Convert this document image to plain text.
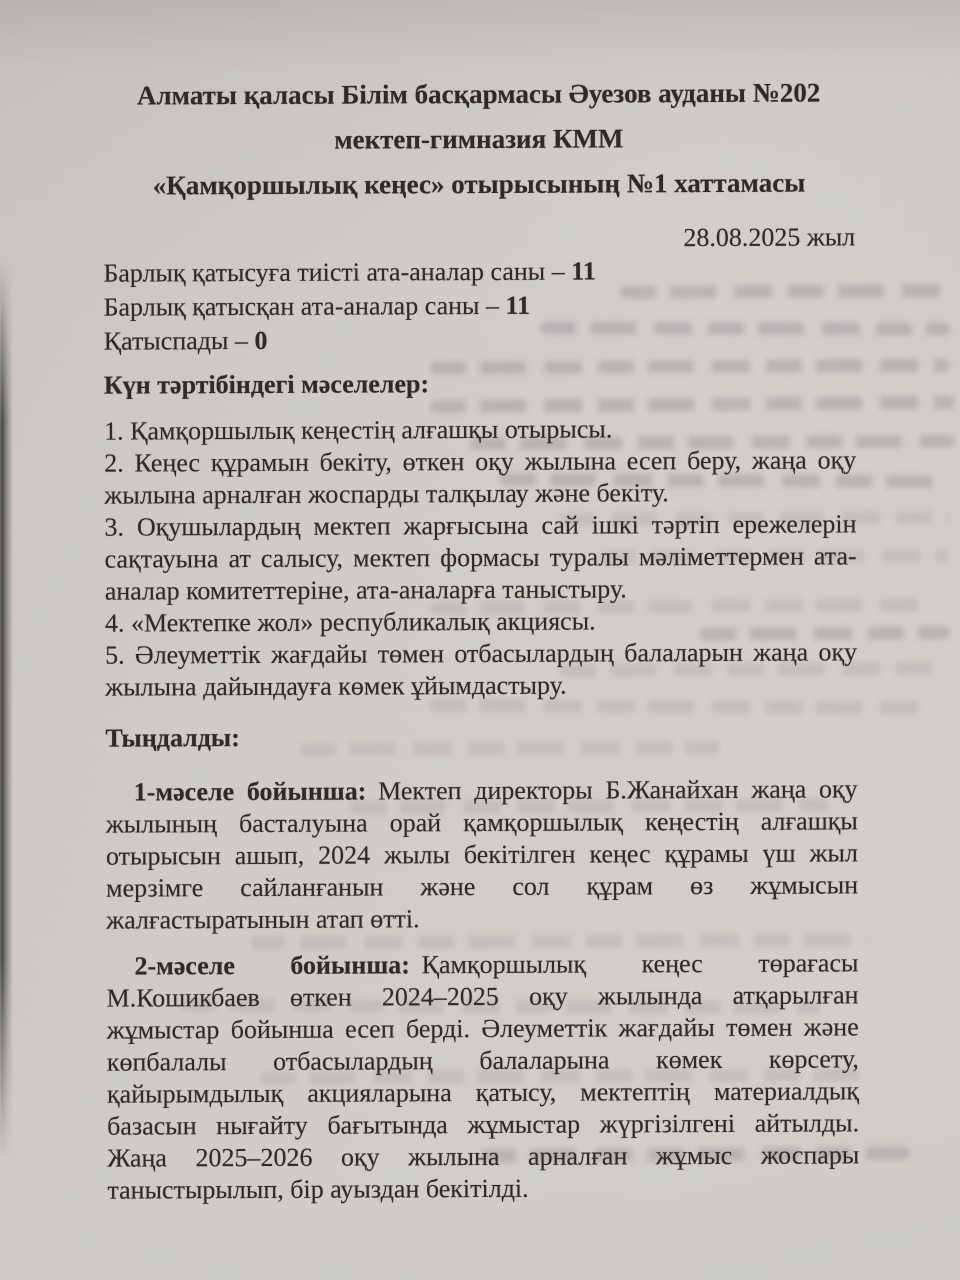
Алматы қаласы Білім басқармасы Әуезов ауданы №202 мектеп-гимназия КММ
«Қамқоршылық кеңес» отырысының №1 хаттамасы
28.08.2025 жыл
Барлық қатысуға тиісті ата-аналар саны – 11
Барлық қатысқан ата-аналар саны – 11
Қатыспады – 0
Күн тәртібіндегі мәселелер:
1. Қамқоршылық кеңестің алғашқы отырысы.
2. Кеңес құрамын бекіту, өткен оқу жылына есеп беру, жаңа оқу жылына арналған жоспарды талқылау және бекіту.
3. Оқушылардың мектеп жарғысына сай ішкі тәртіп ережелерін сақтауына ат салысу, мектеп формасы туралы мәліметтермен ата-аналар комитеттеріне, ата-аналарға таныстыру.
4. «Мектепке жол» республикалық акциясы.
5. Әлеуметтік жағдайы төмен отбасылардың балаларын жаңа оқу жылына дайындауға көмек ұйымдастыру.
Тыңдалды:
1-мәселе бойынша: Мектеп директоры Б.Жанайхан жаңа оқу жылының басталуына орай қамқоршылық кеңестің алғашқы отырысын ашып, 2024 жылы бекітілген кеңес құрамы үш жыл мерзімге сайланғанын және сол құрам өз жұмысын жалғастыратынын атап өтті.
2-мәселе бойынша: Қамқоршылық кеңес төрағасы М.Кошикбаев өткен 2024–2025 оқу жылында атқарылған жұмыстар бойынша есеп берді. Әлеуметтік жағдайы төмен және көпбалалы отбасылардың балаларына көмек көрсету, қайырымдылық акцияларына қатысу, мектептің материалдық базасын нығайту бағытында жұмыстар жүргізілгені айтылды. Жаңа 2025–2026 оқу жылына арналған жұмыс жоспары таныстырылып, бір ауыздан бекітілді.
